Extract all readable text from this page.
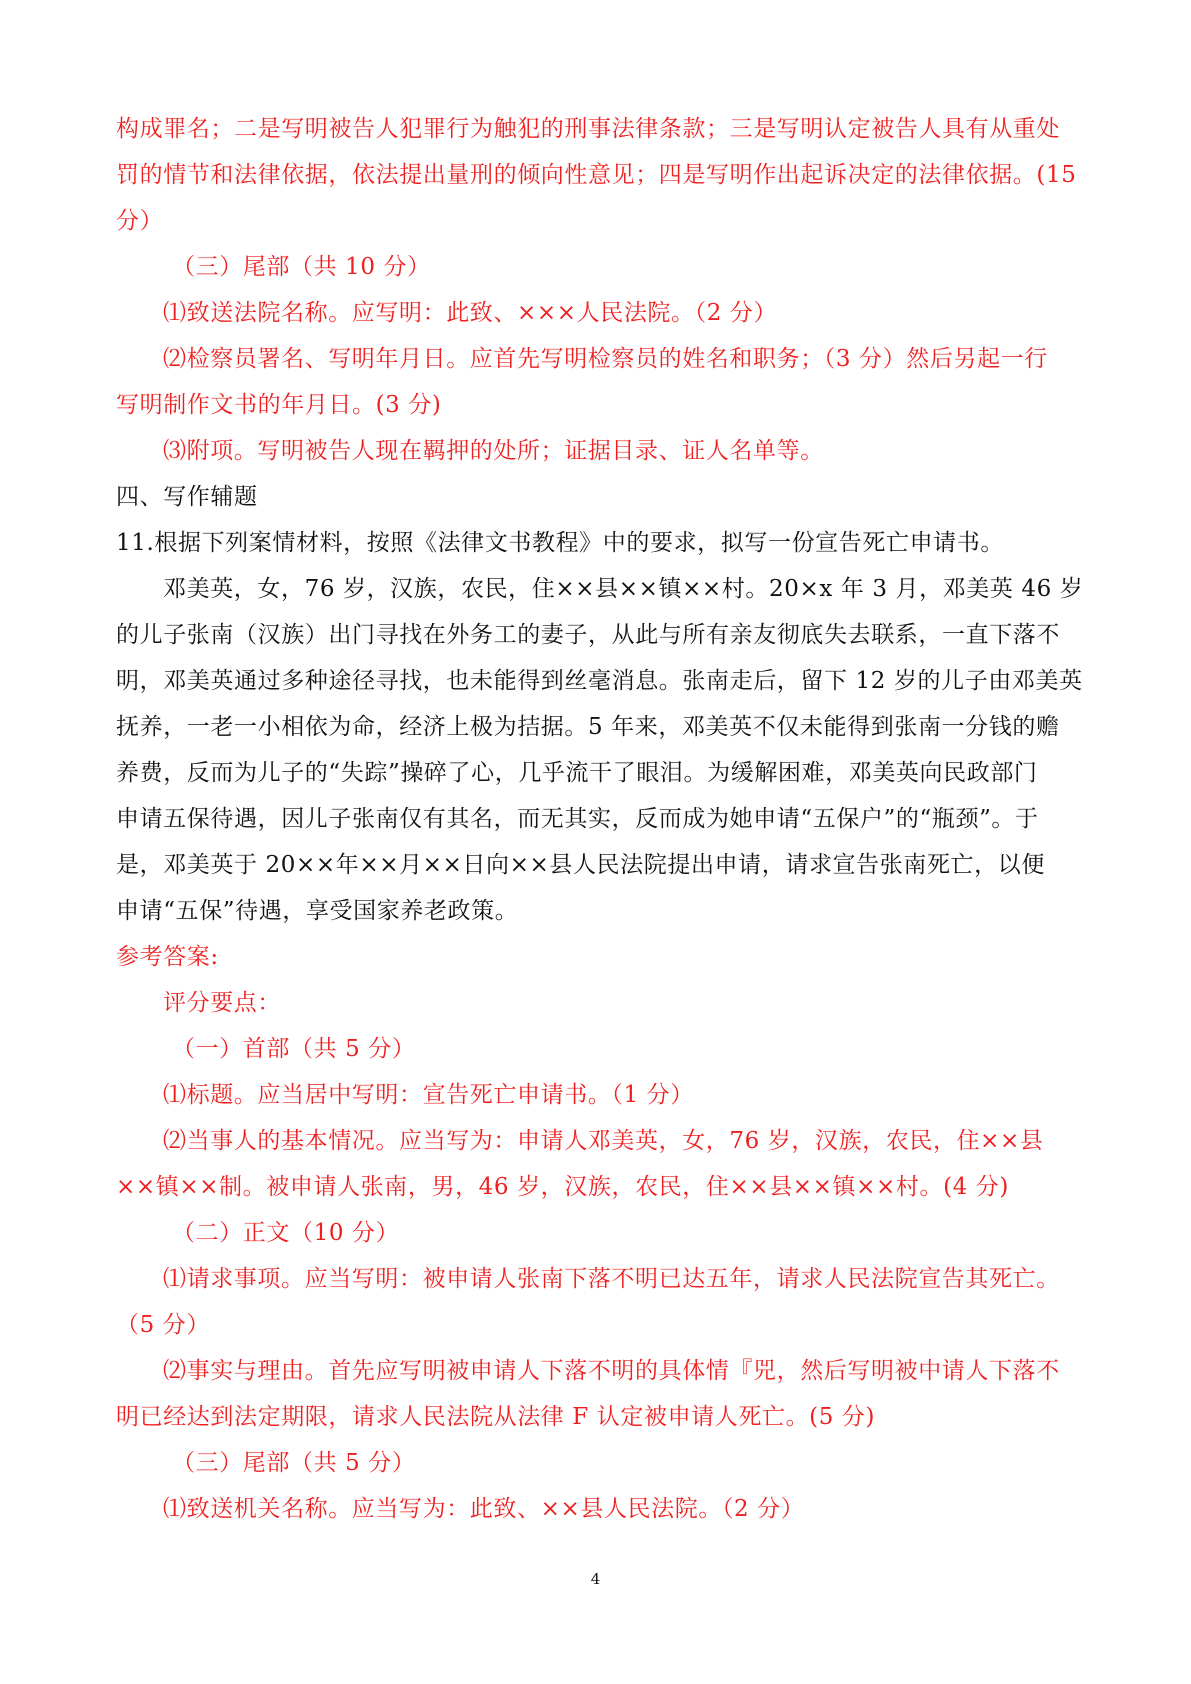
构成罪名；二是写明被告人犯罪行为触犯的刑事法律条款；三是写明认定被告人具有从重处
罚的情节和法律依据，依法提出量刑的倾向性意见；四是写明作出起诉决定的法律依据。(15
分）
（三）尾部（共 10 分）
⑴致送法院名称。应写明：此致、×××人民法院。（2 分）
⑵检察员署名、写明年月日。应首先写明检察员的姓名和职务；（3 分）然后另起一行
写明制作文书的年月日。(3 分)
⑶附项。写明被告人现在羁押的处所；证据目录、证人名单等。
四、写作辅题
11.根据下列案情材料，按照《法律文书教程》中的要求，拟写一份宣告死亡申请书。
邓美英，女，76 岁，汉族，农民，住××县××镇××村。20×x 年 3 月，邓美英 46 岁
的儿子张南（汉族）出门寻找在外务工的妻子，从此与所有亲友彻底失去联系，一直下落不
明，邓美英通过多种途径寻找，也未能得到丝毫消息。张南走后，留下 12 岁的儿子由邓美英
抚养，一老一小相依为命，经济上极为拮据。5 年来，邓美英不仅未能得到张南一分钱的赡
养费，反而为儿子的“失踪”操碎了心，几乎流干了眼泪。为缓解困难，邓美英向民政部门
申请五保待遇，因儿子张南仅有其名，而无其实，反而成为她申请“五保户”的“瓶颈”。于
是，邓美英于 20××年××月××日向××县人民法院提出申请，请求宣告张南死亡，以便
申请“五保”待遇，享受国家养老政策。
参考答案:
评分要点：
（一）首部（共 5 分）
⑴标题。应当居中写明：宣告死亡申请书。（1 分）
⑵当事人的基本情况。应当写为：申请人邓美英，女，76 岁，汉族，农民，住××县
××镇××制。被申请人张南，男，46 岁，汉族，农民，住××县××镇××村。(4 分)
（二）正文（10 分）
⑴请求事项。应当写明：被申请人张南下落不明已达五年，请求人民法院宣告其死亡。
（5 分）
⑵事实与理由。首先应写明被申请人下落不明的具体情『兕，然后写明被中请人下落不
明已经达到法定期限，请求人民法院从法律 F 认定被申请人死亡。(5 分)
（三）尾部（共 5 分）
⑴致送机关名称。应当写为：此致、××县人民法院。（2 分）
4
